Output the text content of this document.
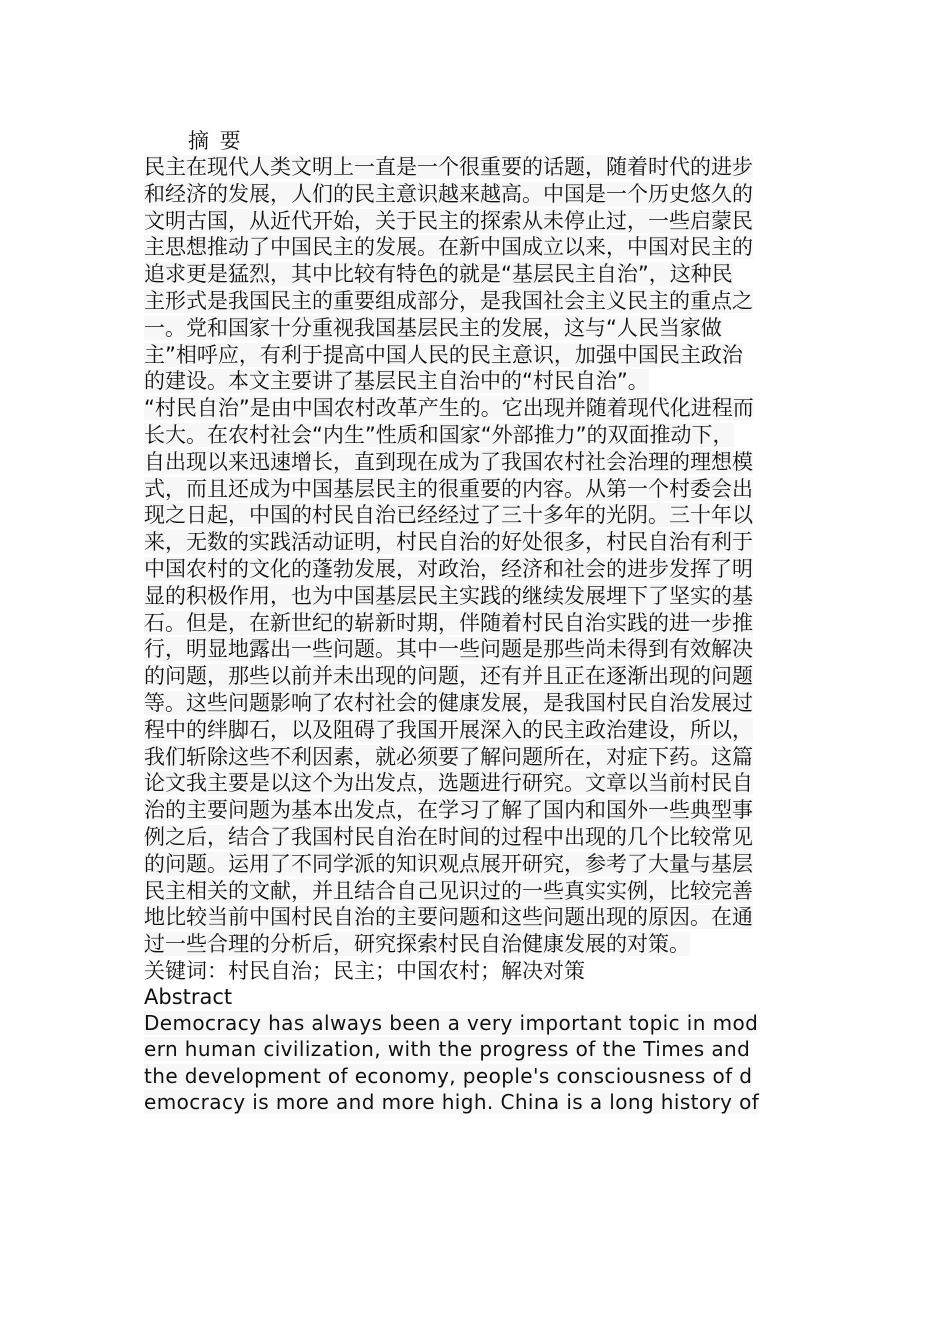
摘 要

民主在现代人类文明上一直是一个很重要的话题，随着时代的进步
和经济的发展，人们的民主意识越来越高。中国是一个历史悠久的
文明古国，从近代开始，关于民主的探索从未停止过，一些启蒙民
主思想推动了中国民主的发展。在新中国成立以来，中国对民主的
追求更是猛烈，其中比较有特色的就是“基层民主自治”，这种民
主形式是我国民主的重要组成部分，是我国社会主义民主的重点之
一。党和国家十分重视我国基层民主的发展，这与“人民当家做
主”相呼应，有利于提高中国人民的民主意识，加强中国民主政治
的建设。本文主要讲了基层民主自治中的“村民自治”。

“村民自治”是由中国农村改革产生的。它出现并随着现代化进程而
长大。在农村社会“内生”性质和国家“外部推力”的双面推动下，
自出现以来迅速增长，直到现在成为了我国农村社会治理的理想模
式，而且还成为中国基层民主的很重要的内容。从第一个村委会出
现之日起，中国的村民自治已经经过了三十多年的光阴。三十年以
来，无数的实践活动证明，村民自治的好处很多，村民自治有利于
中国农村的文化的蓬勃发展，对政治，经济和社会的进步发挥了明
显的积极作用，也为中国基层民主实践的继续发展埋下了坚实的基
石。但是，在新世纪的崭新时期，伴随着村民自治实践的进一步推
行，明显地露出一些问题。其中一些问题是那些尚未得到有效解决
的问题，那些以前并未出现的问题，还有并且正在逐渐出现的问题
等。这些问题影响了农村社会的健康发展，是我国村民自治发展过
程中的绊脚石，以及阻碍了我国开展深入的民主政治建设，所以，
我们斩除这些不利因素，就必须要了解问题所在，对症下药。这篇
论文我主要是以这个为出发点，选题进行研究。文章以当前村民自
治的主要问题为基本出发点，在学习了解了国内和国外一些典型事
例之后，结合了我国村民自治在时间的过程中出现的几个比较常见
的问题。运用了不同学派的知识观点展开研究，参考了大量与基层
民主相关的文献，并且结合自己见识过的一些真实实例，比较完善
地比较当前中国村民自治的主要问题和这些问题出现的原因。在通
过一些合理的分析后，研究探索村民自治健康发展的对策。

关键词：村民自治；民主；中国农村；解决对策
Abstract

Democracy has always been a very important topic in mod
ern human civilization, with the progress of the Times and
the development of economy, people's consciousness of d
emocracy is more and more high. China is a long history of
